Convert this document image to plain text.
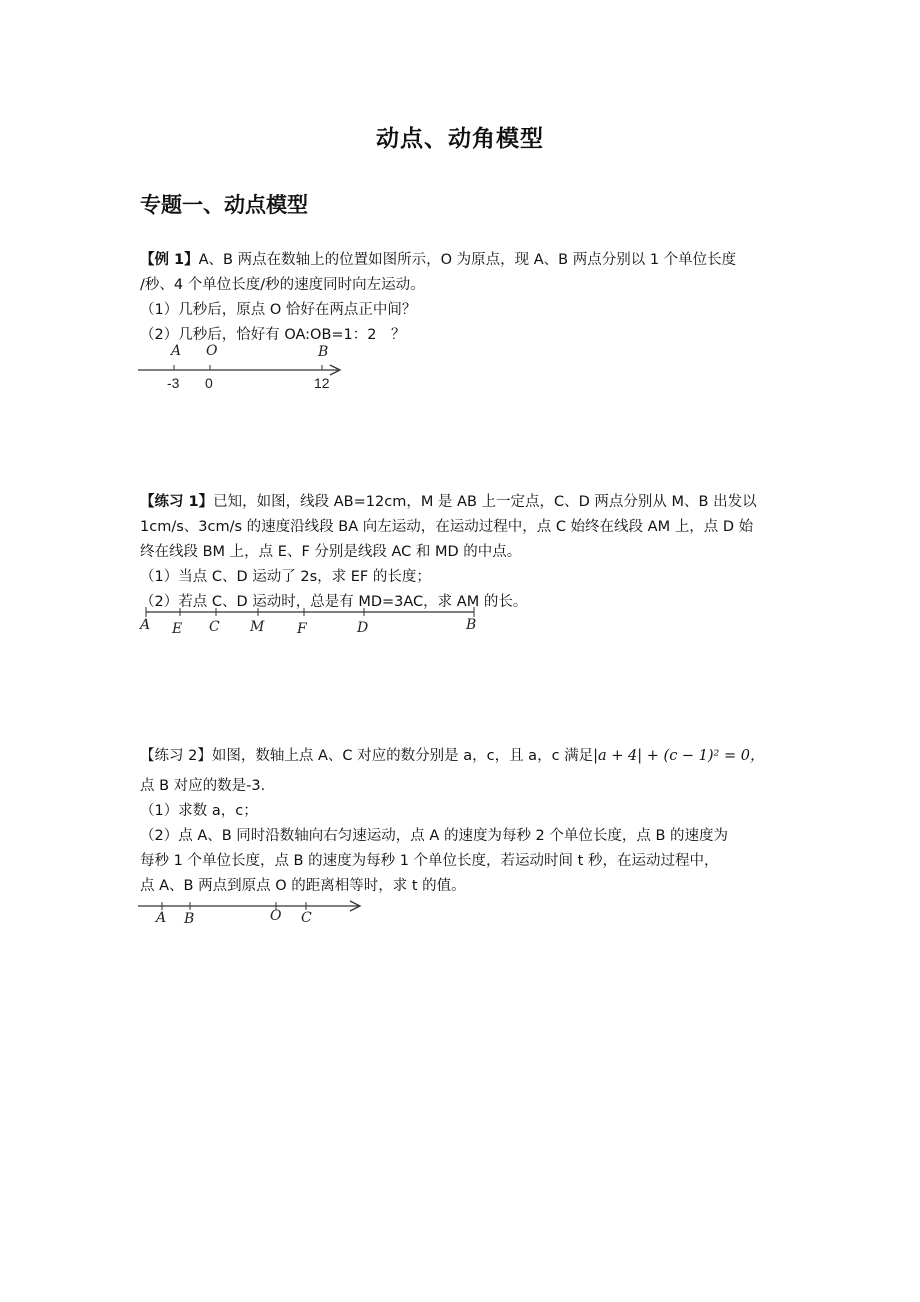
动点、动角模型
专题一、动点模型

【例 1】A、B 两点在数轴上的位置如图所示，O 为原点，现 A、B 两点分别以 1 个单位长度

/秒、4 个单位长度/秒的速度同时向左运动。

（1）几秒后，原点 O 恰好在两点正中间？

（2）几秒后，恰好有 OA:OB=1：2　？

A O	B
-3 0	12

【练习 1】已知，如图，线段 AB=12cm，M 是 AB 上一定点，C、D 两点分别从 M、B 出发以

1cm/s、3cm/s 的速度沿线段 BA 向左运动，在运动过程中，点 C 始终在线段 AM 上，点 D 始

终在线段 BM 上，点 E、F 分别是线段 AC 和 MD 的中点。

（1）当点 C、D 运动了 2s，求 EF 的长度；

（2）若点 C、D 运动时，总是有 MD=3AC，求 AM 的长。

A E C M F	D	B

【练习 2】如图，数轴上点 A、C 对应的数分别是 a，c，且 a，c 满足|a + 4| + (c − 1)² = 0，

点 B 对应的数是-3.

（1）求数 a，c；

（2）点 A、B 同时沿数轴向右匀速运动，点 A 的速度为每秒 2 个单位长度，点 B 的速度为

每秒 1 个单位长度，点 B 的速度为每秒 1 个单位长度，若运动时间 t 秒，在运动过程中，

点 A、B 两点到原点 O 的距离相等时，求 t 的值。

A B	O C
